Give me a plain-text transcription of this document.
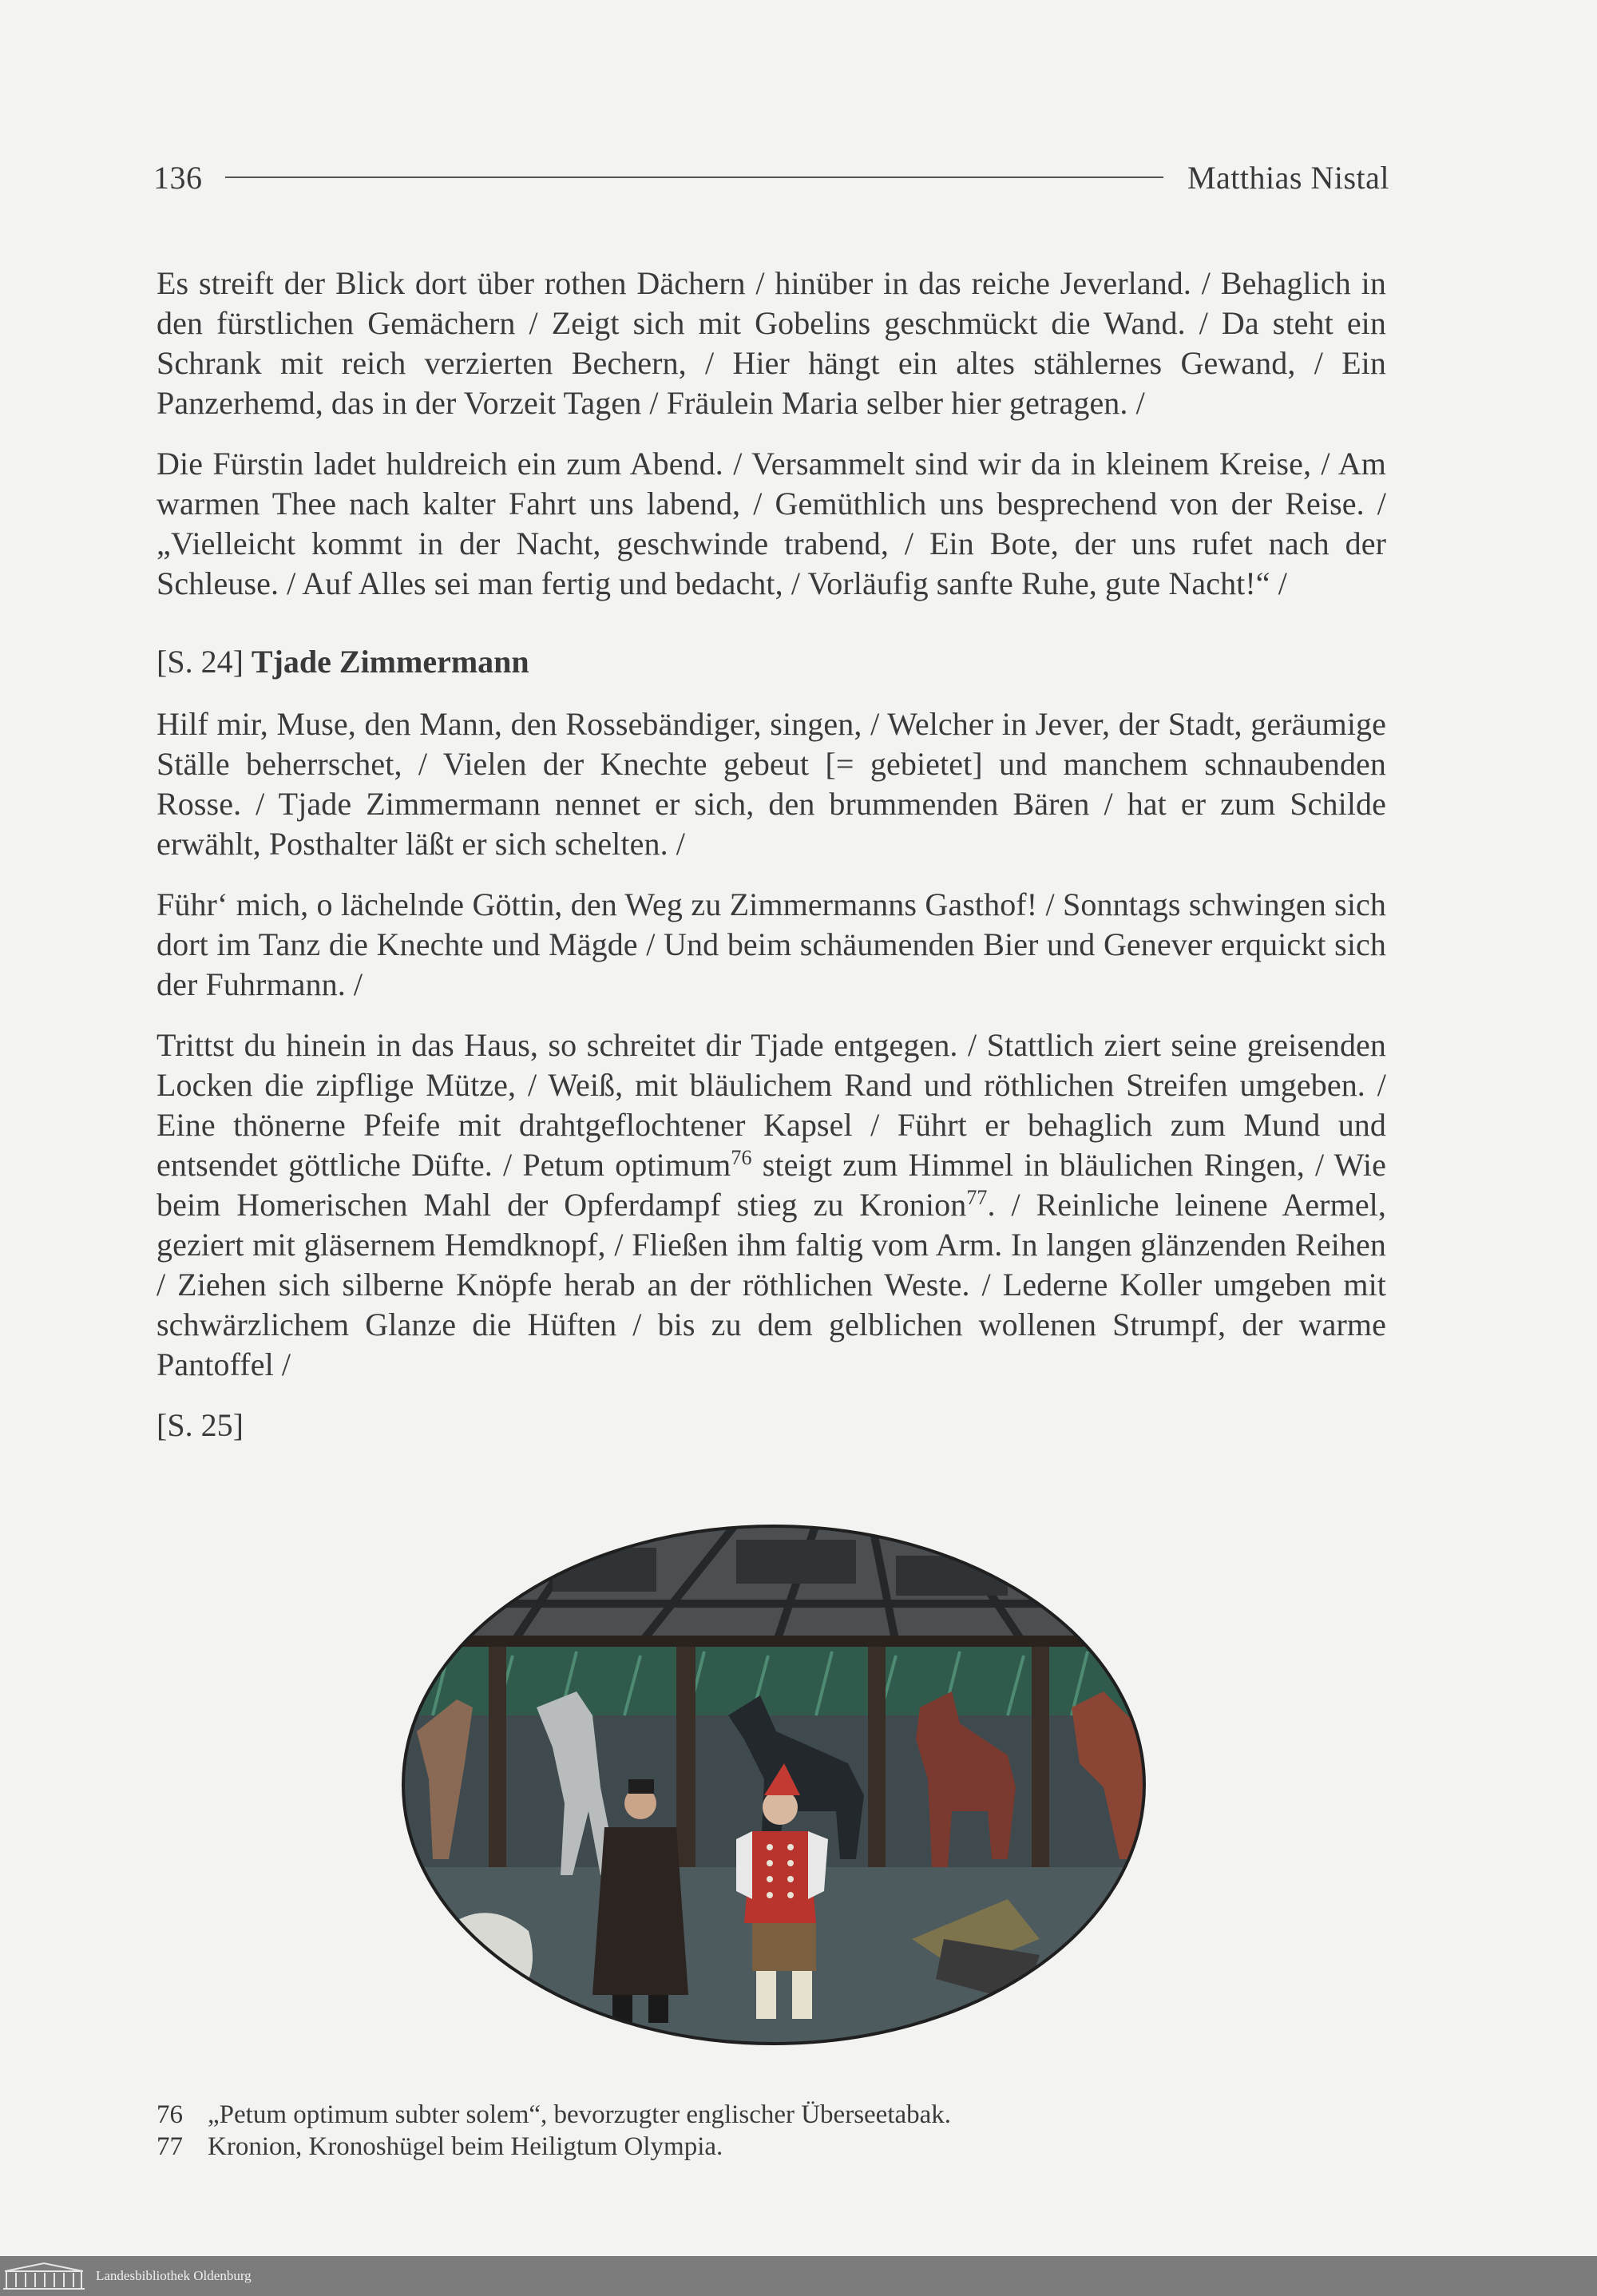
136	Matthias Nistal

Es streift der Blick dort über rothen Dächern / hinüber in das reiche Jeverland. / Behaglich in den fürstlichen Gemächern / Zeigt sich mit Gobelins geschmückt die Wand. / Da steht ein Schrank mit reich verzierten Bechern, / Hier hängt ein altes stählernes Gewand, / Ein Panzerhemd, das in der Vorzeit Tagen / Fräulein Maria selber hier getragen. /

Die Fürstin ladet huldreich ein zum Abend. / Versammelt sind wir da in kleinem Kreise, / Am warmen Thee nach kalter Fahrt uns labend, / Gemüthlich uns besprechend von der Reise. / „Vielleicht kommt in der Nacht, geschwinde trabend, / Ein Bote, der uns rufet nach der Schleuse. / Auf Alles sei man fertig und bedacht, / Vorläufig sanfte Ruhe, gute Nacht!“ /

[S. 24] Tjade Zimmermann

Hilf mir, Muse, den Mann, den Rossebändiger, singen, / Welcher in Jever, der Stadt, geräumige Ställe beherrschet, / Vielen der Knechte gebeut [= gebietet] und manchem schnaubenden Rosse. / Tjade Zimmermann nennet er sich, den brummenden Bären / hat er zum Schilde erwählt, Posthalter läßt er sich schelten. /

Führ‘ mich, o lächelnde Göttin, den Weg zu Zimmermanns Gasthof! / Sonntags schwingen sich dort im Tanz die Knechte und Mägde / Und beim schäumenden Bier und Genever erquickt sich der Fuhrmann. /

Trittst du hinein in das Haus, so schreitet dir Tjade entgegen. / Stattlich ziert seine greisenden Locken die zipflige Mütze, / Weiß, mit bläulichem Rand und röthlichen Streifen umgeben. / Eine thönerne Pfeife mit drahtgeflochtener Kapsel / Führt er behaglich zum Mund und entsendet göttliche Düfte. / Petum optimum$^{76}$ steigt zum Himmel in bläulichen Ringen, / Wie beim Homerischen Mahl der Opferdampf stieg zu Kronion$^{77}$. / Reinliche leinene Aermel, geziert mit gläsernem Hemdknopf, / Fließen ihm faltig vom Arm. In langen glänzenden Reihen / Ziehen sich silberne Knöpfe herab an der röthlichen Weste. / Lederne Koller umgeben mit schwärzlichem Glanze die Hüften / bis zu dem gelblichen wollenen Strumpf, der warme Pantoffel /

[S. 25]
76 „Petum optimum subter solem“, bevorzugter englischer Überseetabak.
77 Kronion, Kronoshügel beim Heiligtum Olympia.
Landesbibliothek Oldenburg
